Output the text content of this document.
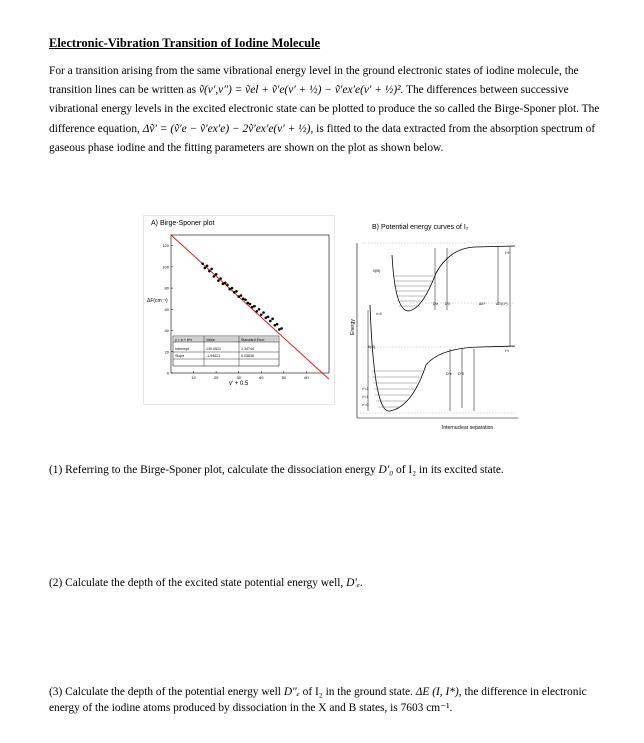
Electronic-Vibration Transition of Iodine Molecule

For a transition arising from the same vibrational energy level in the ground electronic states of iodine molecule, the transition lines can be written as ṽ(v′,v″) = ṽel + ṽ′e(v′ + ½) − ṽ′ex′e(v′ + ½)². The differences between successive vibrational energy levels in the excited electronic state can be plotted to produce the so called the Birge-Sponer plot. The difference equation, Δṽ′ = (ṽ′e − ṽ′ex′e) − 2ṽ′ex′e(v′ + ½), is fitted to the data extracted from the absorption spectrum of gaseous phase iodine and the fitting parameters are shown on the plot as shown below.

A) Birge-Sponer plot
ΔF(cm⁻¹)
0
20
40
60
80
100
120
10	20	30	40	50	60
y = a + b*x	Value	Standard Error
Intercept	130.0521	1.34744
Slope	-1.94021	0.03636
v′ + 0.5
B) Potential energy curves of I₂
Energy
Internuclear separation
ṽ(B)
ṽ(X)
D′e D′0	ΔE*	ΔE(I,I*)
D″e D″0
I+I*
I+I
v′=0
v″=2
v″=1
v″=0

(1) Referring to the Birge-Sponer plot, calculate the dissociation energy D′₀ of I₂ in its excited state.

(2) Calculate the depth of the excited state potential energy well, D′ₑ.

(3) Calculate the depth of the potential energy well D″ₑ of I₂ in the ground state. ΔE (I, I*), the difference in electronic energy of the iodine atoms produced by dissociation in the X and B states, is 7603 cm⁻¹.
